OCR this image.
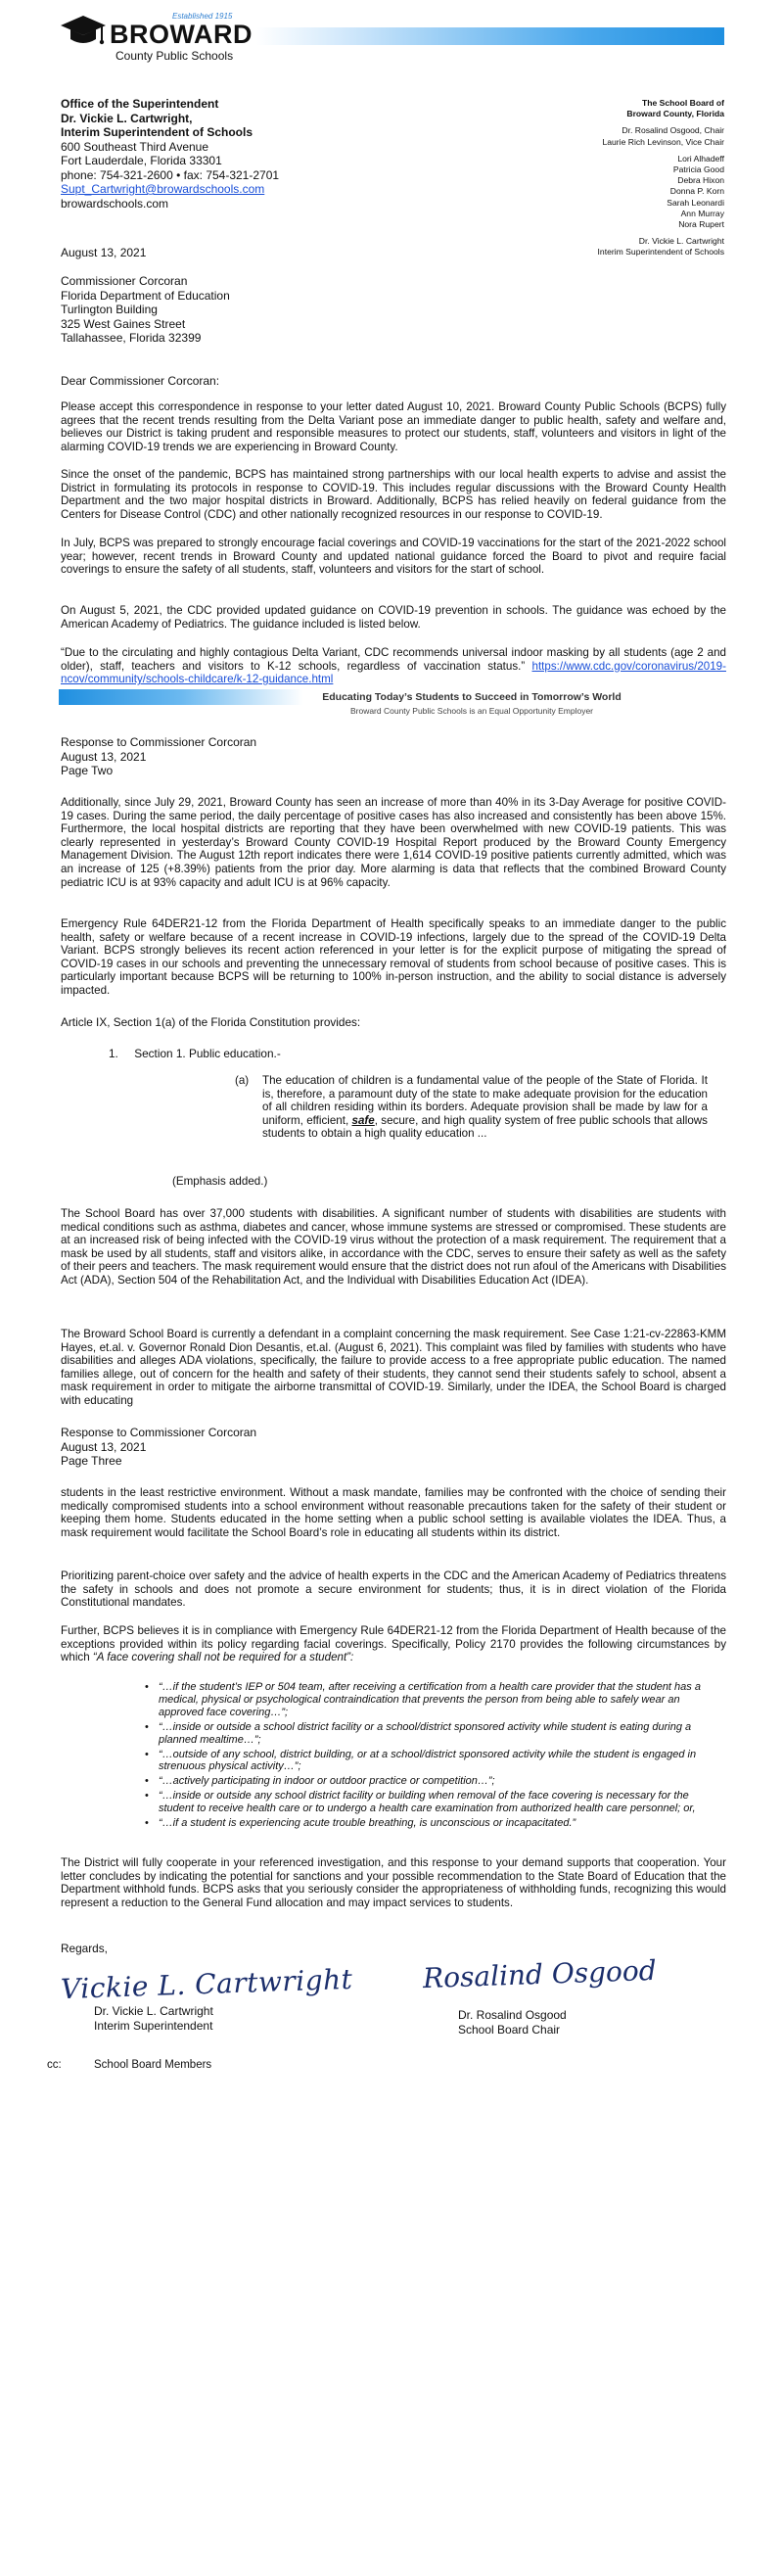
Established 1915
BROWARD
County Public Schools
Office of the Superintendent
Dr. Vickie L. Cartwright,
Interim Superintendent of Schools
600 Southeast Third Avenue
Fort Lauderdale, Florida 33301
phone: 754-321-2600 • fax: 754-321-2701
Supt_Cartwright@browardschools.com
browardschools.com
The School Board of
Broward County, Florida
Dr. Rosalind Osgood, Chair
Laurie Rich Levinson, Vice Chair
Lori Alhadeff
Patricia Good
Debra Hixon
Donna P. Korn
Sarah Leonardi
Ann Murray
Nora Rupert
Dr. Vickie L. Cartwright
Interim Superintendent of Schools
August 13, 2021
Commissioner Corcoran
Florida Department of Education
Turlington Building
325 West Gaines Street
Tallahassee, Florida 32399
Dear Commissioner Corcoran:

Please accept this correspondence in response to your letter dated August 10, 2021. Broward County Public Schools (BCPS) fully agrees that the recent trends resulting from the Delta Variant pose an immediate danger to public health, safety and welfare and, believes our District is taking prudent and responsible measures to protect our students, staff, volunteers and visitors in light of the alarming COVID-19 trends we are experiencing in Broward County.

Since the onset of the pandemic, BCPS has maintained strong partnerships with our local health experts to advise and assist the District in formulating its protocols in response to COVID-19. This includes regular discussions with the Broward County Health Department and the two major hospital districts in Broward. Additionally, BCPS has relied heavily on federal guidance from the Centers for Disease Control (CDC) and other nationally recognized resources in our response to COVID-19.

In July, BCPS was prepared to strongly encourage facial coverings and COVID-19 vaccinations for the start of the 2021-2022 school year; however, recent trends in Broward County and updated national guidance forced the Board to pivot and require facial coverings to ensure the safety of all students, staff, volunteers and visitors for the start of school.

On August 5, 2021, the CDC provided updated guidance on COVID-19 prevention in schools. The guidance was echoed by the American Academy of Pediatrics. The guidance included is listed below.

“Due to the circulating and highly contagious Delta Variant, CDC recommends universal indoor masking by all students (age 2 and older), staff, teachers and visitors to K-12 schools, regardless of vaccination status.” https://www.cdc.gov/coronavirus/2019-ncov/community/schools-childcare/k-12-guidance.html
Educating Today’s Students to Succeed in Tomorrow’s World
Broward County Public Schools is an Equal Opportunity Employer
Response to Commissioner Corcoran
August 13, 2021
Page Two

Additionally, since July 29, 2021, Broward County has seen an increase of more than 40% in its 3-Day Average for positive COVID-19 cases. During the same period, the daily percentage of positive cases has also increased and consistently has been above 15%. Furthermore, the local hospital districts are reporting that they have been overwhelmed with new COVID-19 patients. This was clearly represented in yesterday’s Broward County COVID-19 Hospital Report produced by the Broward County Emergency Management Division. The August 12th report indicates there were 1,614 COVID-19 positive patients currently admitted, which was an increase of 125 (+8.39%) patients from the prior day. More alarming is data that reflects that the combined Broward County pediatric ICU is at 93% capacity and adult ICU is at 96% capacity.

Emergency Rule 64DER21-12 from the Florida Department of Health specifically speaks to an immediate danger to the public health, safety or welfare because of a recent increase in COVID-19 infections, largely due to the spread of the COVID-19 Delta Variant. BCPS strongly believes its recent action referenced in your letter is for the explicit purpose of mitigating the spread of COVID-19 cases in our schools and preventing the unnecessary removal of students from school because of positive cases. This is particularly important because BCPS will be returning to 100% in-person instruction, and the ability to social distance is adversely impacted.

Article IX, Section 1(a) of the Florida Constitution provides:
1.     Section 1. Public education.-
(a) The education of children is a fundamental value of the people of the State of Florida. It is, therefore, a paramount duty of the state to make adequate provision for the education of all children residing within its borders. Adequate provision shall be made by law for a uniform, efficient, safe, secure, and high quality system of free public schools that allows students to obtain a high quality education ...
(Emphasis added.)

The School Board has over 37,000 students with disabilities. A significant number of students with disabilities are students with medical conditions such as asthma, diabetes and cancer, whose immune systems are stressed or compromised. These students are at an increased risk of being infected with the COVID-19 virus without the protection of a mask requirement. The requirement that a mask be used by all students, staff and visitors alike, in accordance with the CDC, serves to ensure their safety as well as the safety of their peers and teachers. The mask requirement would ensure that the district does not run afoul of the Americans with Disabilities Act (ADA), Section 504 of the Rehabilitation Act, and the Individual with Disabilities Education Act (IDEA).

The Broward School Board is currently a defendant in a complaint concerning the mask requirement. See Case 1:21-cv-22863-KMM Hayes, et.al. v. Governor Ronald Dion Desantis, et.al. (August 6, 2021). This complaint was filed by families with students who have disabilities and alleges ADA violations, specifically, the failure to provide access to a free appropriate public education. The named families allege, out of concern for the health and safety of their students, they cannot send their students safely to school, absent a mask requirement in order to mitigate the airborne transmittal of COVID-19. Similarly, under the IDEA, the School Board is charged with educating

Response to Commissioner Corcoran
August 13, 2021
Page Three

students in the least restrictive environment. Without a mask mandate, families may be confronted with the choice of sending their medically compromised students into a school environment without reasonable precautions taken for the safety of their student or keeping them home. Students educated in the home setting when a public school setting is available violates the IDEA. Thus, a mask requirement would facilitate the School Board’s role in educating all students within its district.

Prioritizing parent-choice over safety and the advice of health experts in the CDC and the American Academy of Pediatrics threatens the safety in schools and does not promote a secure environment for students; thus, it is in direct violation of the Florida Constitutional mandates.

Further, BCPS believes it is in compliance with Emergency Rule 64DER21-12 from the Florida Department of Health because of the exceptions provided within its policy regarding facial coverings. Specifically, Policy 2170 provides the following circumstances by which “A face covering shall not be required for a student”:
• “…if the student’s IEP or 504 team, after receiving a certification from a health care provider that the student has a medical, physical or psychological contraindication that prevents the person from being able to safely wear an approved face covering…”;
• “…inside or outside a school district facility or a school/district sponsored activity while student is eating during a planned mealtime…”;
• “…outside of any school, district building, or at a school/district sponsored activity while the student is engaged in strenuous physical activity…”;
• “…actively participating in indoor or outdoor practice or competition…”;
• “…inside or outside any school district facility or building when removal of the face covering is necessary for the student to receive health care or to undergo a health care examination from authorized health care personnel; or,
• “…if a student is experiencing acute trouble breathing, is unconscious or incapacitated.”

The District will fully cooperate in your referenced investigation, and this response to your demand supports that cooperation. Your letter concludes by indicating the potential for sanctions and your possible recommendation to the State Board of Education that the Department withhold funds. BCPS asks that you seriously consider the appropriateness of withholding funds, recognizing this would represent a reduction to the General Fund allocation and may impact services to students.

Regards,
Vickie L. Cartwright	Rosalind Osgood
Dr. Vickie L. Cartwright
Interim Superintendent
Dr. Rosalind Osgood
School Board Chair
cc:	School Board Members
